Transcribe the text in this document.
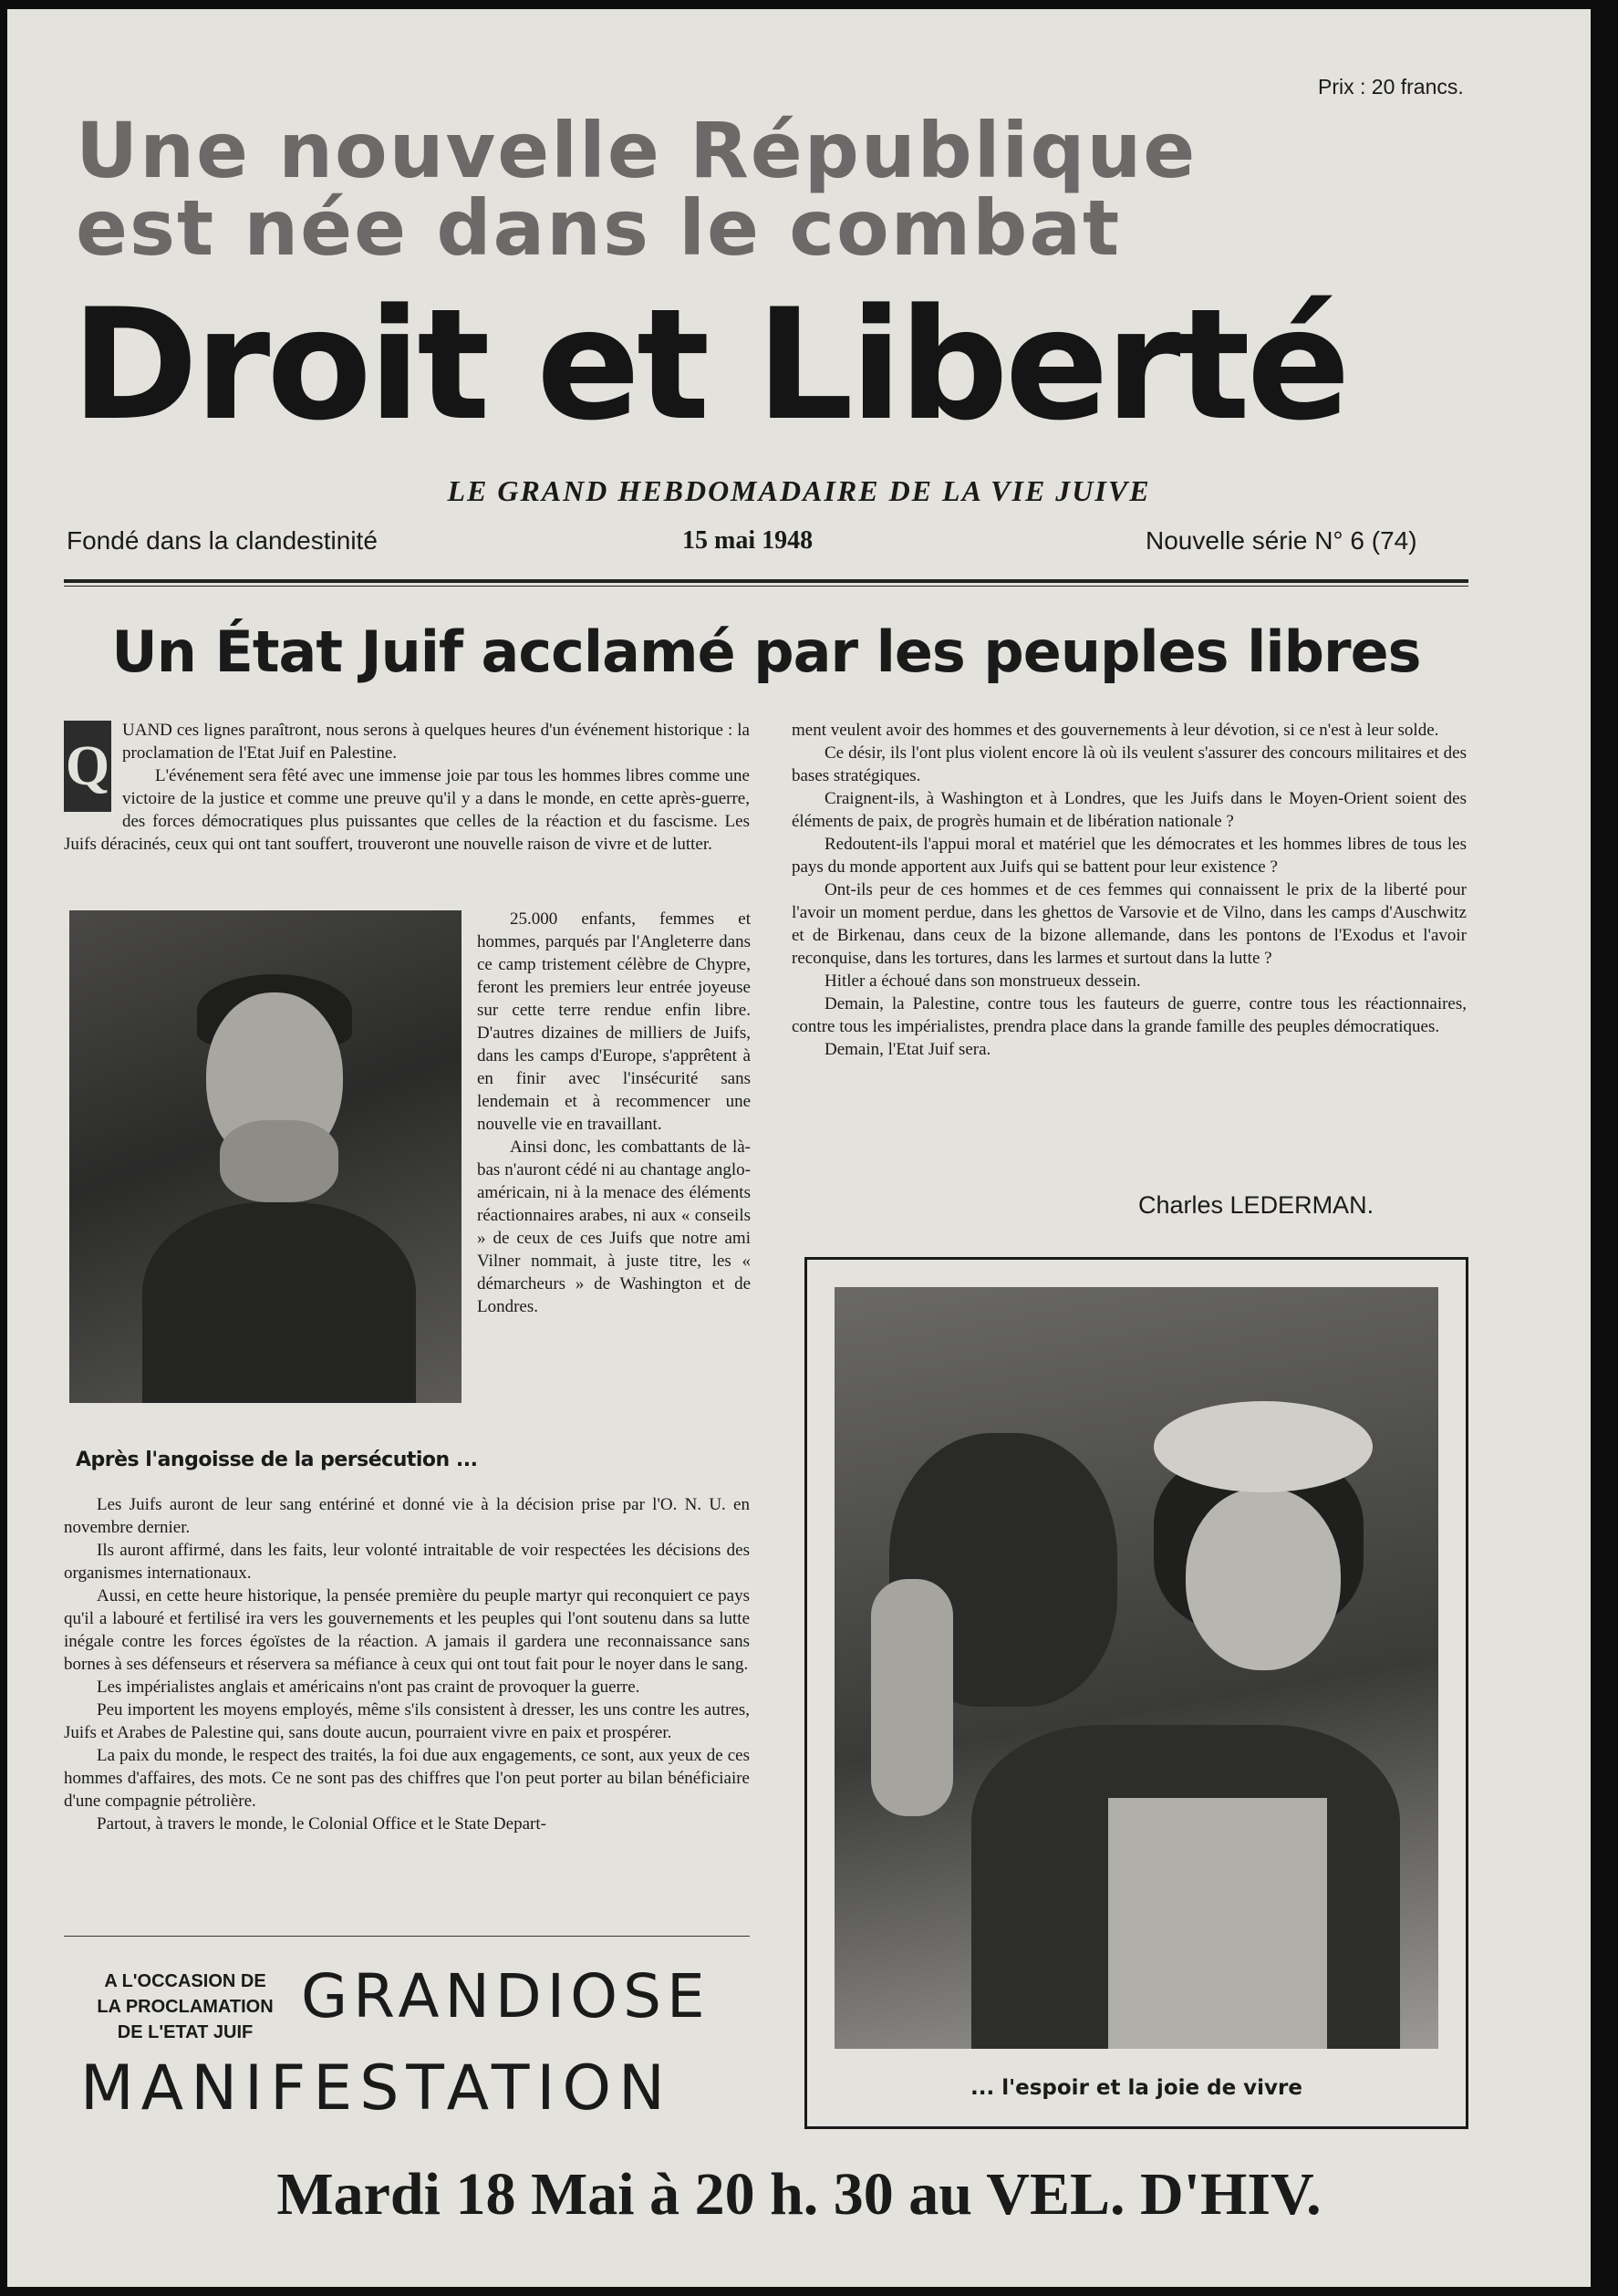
Prix : 20 francs.
Une nouvelle République
est née dans le combat
Droit et Liberté
LE GRAND HEBDOMADAIRE DE LA VIE JUIVE
Fondé dans la clandestinité	15 mai 1948	Nouvelle série N° 6 (74)
Un État Juif acclamé par les peuples libres
Q

UAND ces lignes paraîtront, nous serons à quelques heures d'un événement historique : la proclamation de l'Etat Juif en Palestine.

L'événement sera fêté avec une immense joie par tous les hommes libres comme une victoire de la justice et comme une preuve qu'il y a dans le monde, en cette après-guerre, des forces démocratiques plus puissantes que celles de la réaction et du fascisme. Les Juifs déracinés, ceux qui ont tant souffert, trouveront une nouvelle raison de vivre et de lutter.

Après l'angoisse de la persécution ...

25.000 enfants, femmes et hommes, parqués par l'Angleterre dans ce camp tristement célèbre de Chypre, feront les premiers leur entrée joyeuse sur cette terre rendue enfin libre. D'autres dizaines de milliers de Juifs, dans les camps d'Europe, s'apprêtent à en finir avec l'insécurité sans lendemain et à recommencer une nouvelle vie en travaillant.

Ainsi donc, les combattants de là-bas n'auront cédé ni au chantage anglo-américain, ni à la menace des éléments réactionnaires arabes, ni aux « conseils » de ceux de ces Juifs que notre ami Vilner nommait, à juste titre, les « démarcheurs » de Washington et de Londres.

Les Juifs auront de leur sang entériné et donné vie à la décision prise par l'O. N. U. en novembre dernier.

Ils auront affirmé, dans les faits, leur volonté intraitable de voir respectées les décisions des organismes internationaux.

Aussi, en cette heure historique, la pensée première du peuple martyr qui reconquiert ce pays qu'il a labouré et fertilisé ira vers les gouvernements et les peuples qui l'ont soutenu dans sa lutte inégale contre les forces égoïstes de la réaction. A jamais il gardera une reconnaissance sans bornes à ses défenseurs et réservera sa méfiance à ceux qui ont tout fait pour le noyer dans le sang.

Les impérialistes anglais et américains n'ont pas craint de provoquer la guerre.

Peu importent les moyens employés, même s'ils consistent à dresser, les uns contre les autres, Juifs et Arabes de Palestine qui, sans doute aucun, pourraient vivre en paix et prospérer.

La paix du monde, le respect des traités, la foi due aux engagements, ce sont, aux yeux de ces hommes d'affaires, des mots. Ce ne sont pas des chiffres que l'on peut porter au bilan bénéficiaire d'une compagnie pétrolière.

Partout, à travers le monde, le Colonial Office et le State Depart-

ment veulent avoir des hommes et des gouvernements à leur dévotion, si ce n'est à leur solde.

Ce désir, ils l'ont plus violent encore là où ils veulent s'assurer des concours militaires et des bases stratégiques.

Craignent-ils, à Washington et à Londres, que les Juifs dans le Moyen-Orient soient des éléments de paix, de progrès humain et de libération nationale ?

Redoutent-ils l'appui moral et matériel que les démocrates et les hommes libres de tous les pays du monde apportent aux Juifs qui se battent pour leur existence ?

Ont-ils peur de ces hommes et de ces femmes qui connaissent le prix de la liberté pour l'avoir un moment perdue, dans les ghettos de Varsovie et de Vilno, dans les camps d'Auschwitz et de Birkenau, dans ceux de la bizone allemande, dans les pontons de l'Exodus et l'avoir reconquise, dans les tortures, dans les larmes et surtout dans la lutte ?

Hitler a échoué dans son monstrueux dessein.

Demain, la Palestine, contre tous les fauteurs de guerre, contre tous les réactionnaires, contre tous les impérialistes, prendra place dans la grande famille des peuples démocratiques.

Demain, l'Etat Juif sera.

Charles LEDERMAN.
... l'espoir et la joie de vivre
A L'OCCASION DE
LA PROCLAMATION
DE L'ETAT JUIF
GRANDIOSE
MANIFESTATION
Mardi 18 Mai à 20 h. 30 au VEL. D'HIV.
